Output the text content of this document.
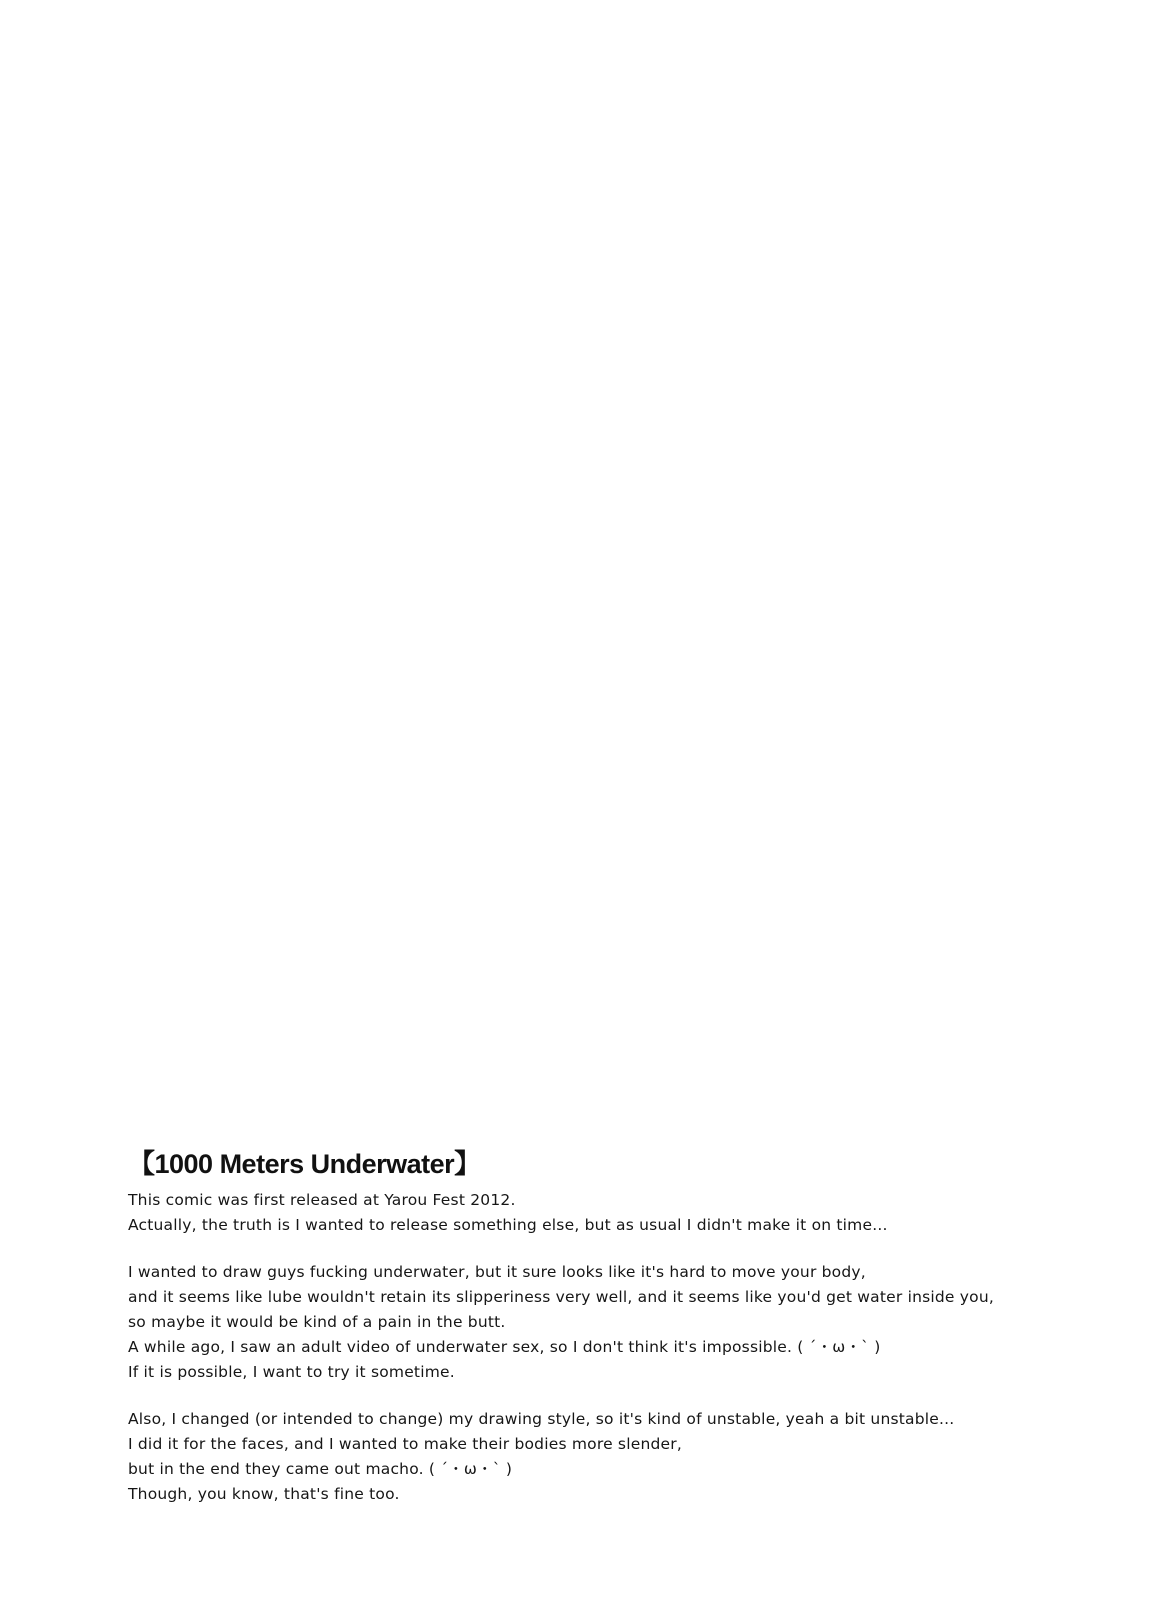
【1000 Meters Underwater】
This comic was first released at Yarou Fest 2012.
Actually, the truth is I wanted to release something else, but as usual I didn't make it on time...
I wanted to draw guys fucking underwater, but it sure looks like it's hard to move your body,
and it seems like lube wouldn't retain its slipperiness very well, and it seems like you'd get water inside you,
so maybe it would be kind of a pain in the butt.
A while ago, I saw an adult video of underwater sex, so I don't think it's impossible. ( ´・ω・` )
If it is possible, I want to try it sometime.
Also, I changed (or intended to change) my drawing style, so it's kind of unstable, yeah a bit unstable...
I did it for the faces, and I wanted to make their bodies more slender,
but in the end they came out macho. ( ´・ω・` )
Though, you know, that's fine too.
